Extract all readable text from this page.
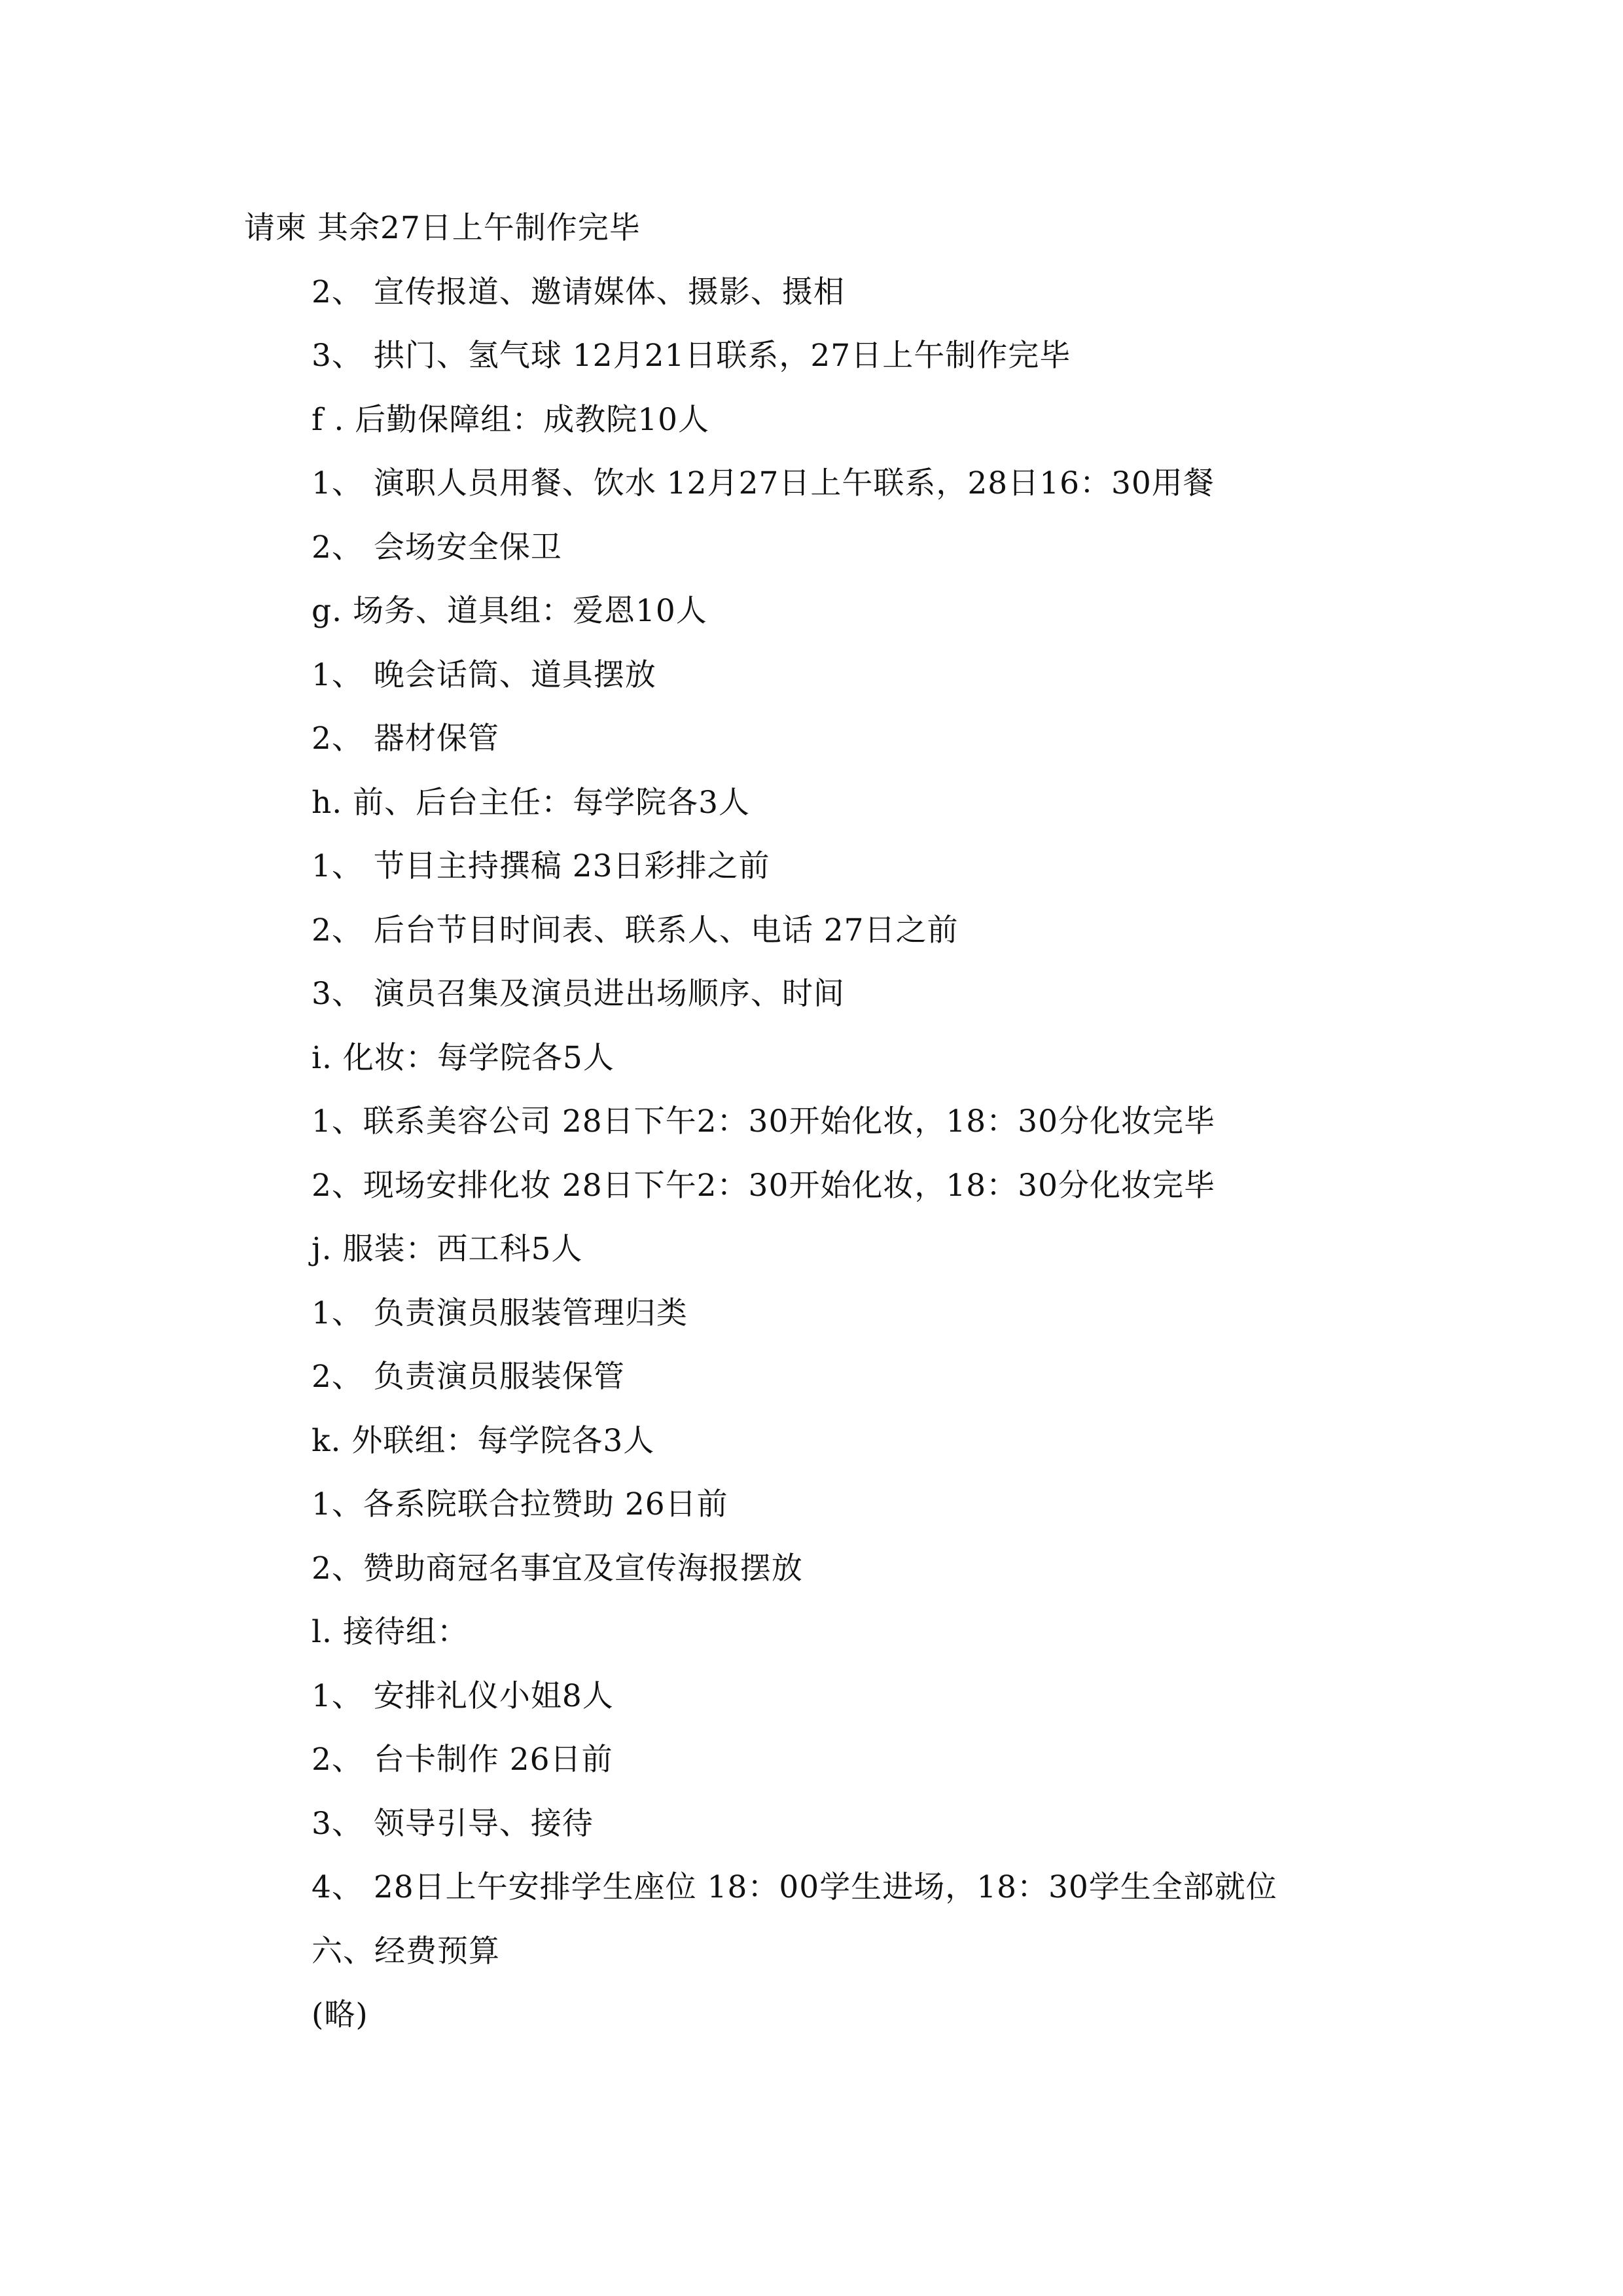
请柬 其余27日上午制作完毕
2、 宣传报道、邀请媒体、摄影、摄相
3、 拱门、氢气球 12月21日联系，27日上午制作完毕
f . 后勤保障组：成教院10人
1、 演职人员用餐、饮水 12月27日上午联系，28日16：30用餐
2、 会场安全保卫
g. 场务、道具组：爱恩10人
1、 晚会话筒、道具摆放
2、 器材保管
h. 前、后台主任：每学院各3人
1、 节目主持撰稿 23日彩排之前
2、 后台节目时间表、联系人、电话 27日之前
3、 演员召集及演员进出场顺序、时间
i. 化妆：每学院各5人
1、联系美容公司 28日下午2：30开始化妆，18：30分化妆完毕
2、现场安排化妆 28日下午2：30开始化妆，18：30分化妆完毕
j. 服装：西工科5人
1、 负责演员服装管理归类
2、 负责演员服装保管
k. 外联组：每学院各3人
1、各系院联合拉赞助 26日前
2、赞助商冠名事宜及宣传海报摆放
l. 接待组：
1、 安排礼仪小姐8人
2、 台卡制作 26日前
3、 领导引导、接待
4、 28日上午安排学生座位 18：00学生进场，18：30学生全部就位
六、经费预算
(略)
